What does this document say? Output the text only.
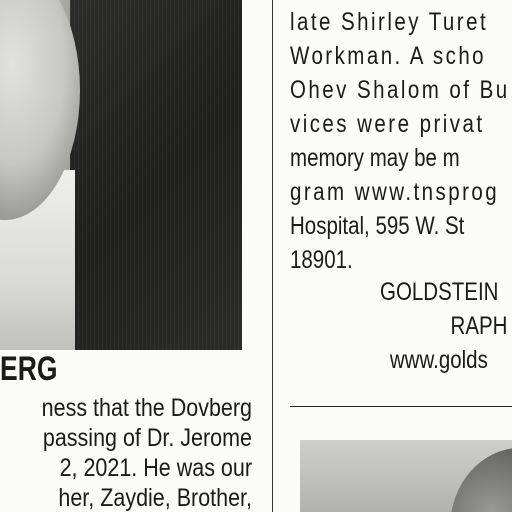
ERG
ness that the Dovberg
passing of Dr. Jerome
2, 2021. He was our
her, Zaydie, Brother,
late Shirley Turet
Workman. A scho
Ohev Shalom of Bu
vices were privat
memory may be m
gram www.tnsprog
Hospital, 595 W. St
18901.
GOLDSTEIN
RAPH
www.golds
